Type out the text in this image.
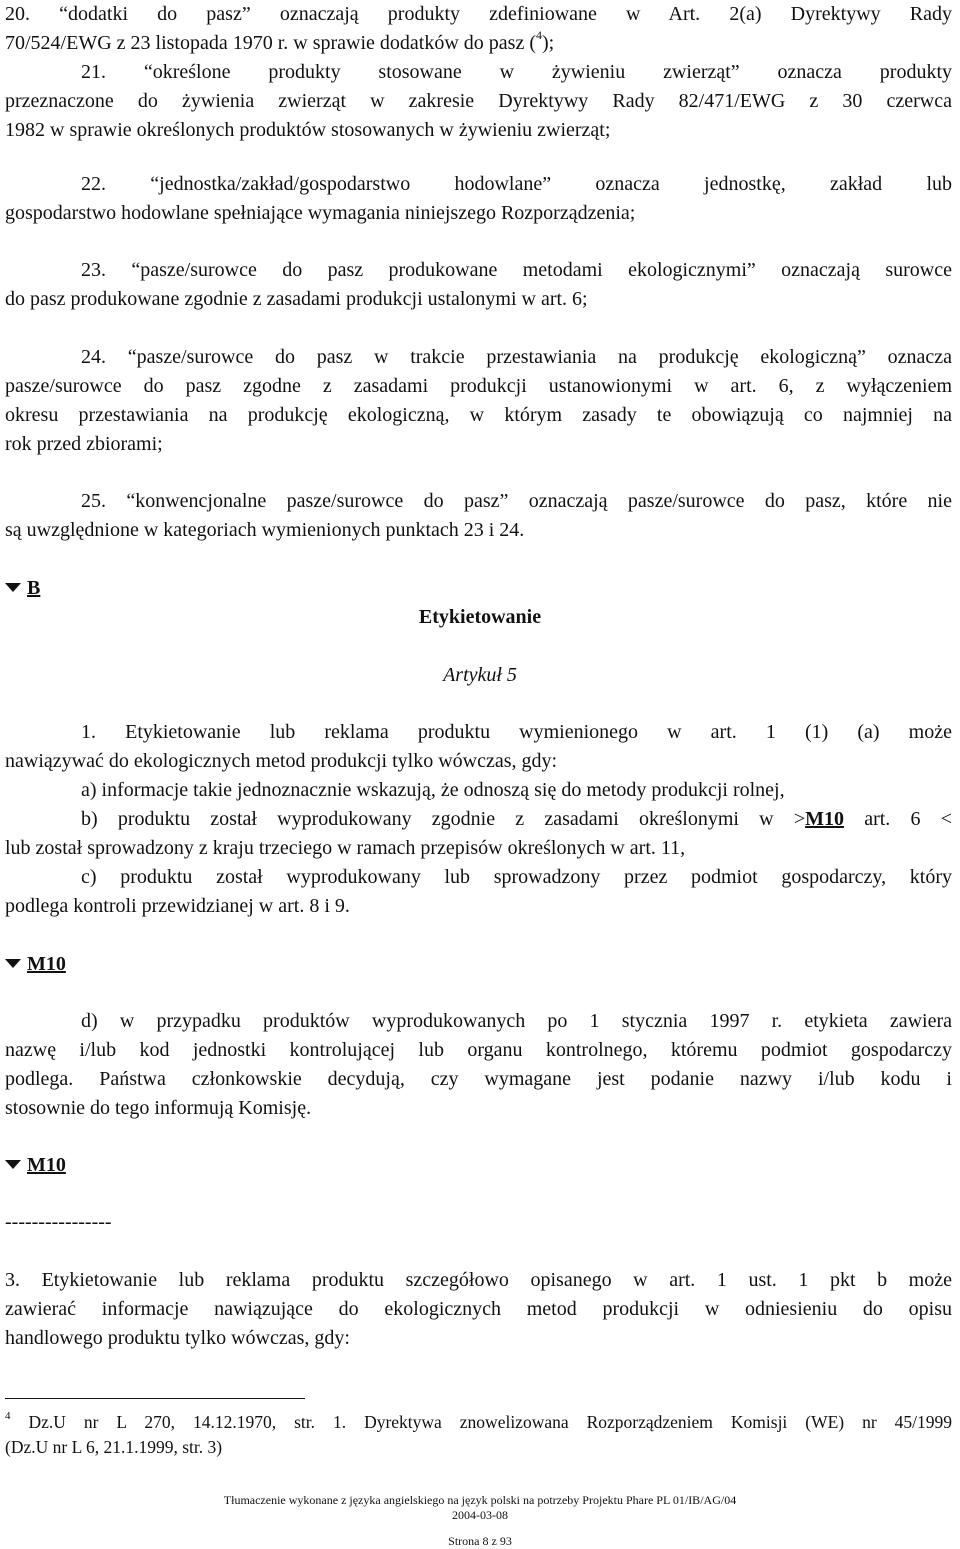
20. “dodatki do pasz” oznaczają produkty zdefiniowane w Art. 2(a) Dyrektywy Rady
70/524/EWG z 23 listopada 1970 r. w sprawie dodatków do pasz ($^4$);
21. “określone produkty stosowane w żywieniu zwierząt” oznacza produkty
przeznaczone do żywienia zwierząt w zakresie Dyrektywy Rady 82/471/EWG z 30 czerwca
1982 w sprawie określonych produktów stosowanych w żywieniu zwierząt;
22. “jednostka/zakład/gospodarstwo hodowlane” oznacza jednostkę, zakład lub
gospodarstwo hodowlane spełniające wymagania niniejszego Rozporządzenia;
23. “pasze/surowce do pasz produkowane metodami ekologicznymi” oznaczają surowce
do pasz produkowane zgodnie z zasadami produkcji ustalonymi w art. 6;
24. “pasze/surowce do pasz w trakcie przestawiania na produkcję ekologiczną” oznacza
pasze/surowce do pasz zgodne z zasadami produkcji ustanowionymi w art. 6, z wyłączeniem
okresu przestawiania na produkcję ekologiczną, w którym zasady te obowiązują co najmniej na
rok przed zbiorami;
25. “konwencjonalne pasze/surowce do pasz” oznaczają pasze/surowce do pasz, które nie
są uwzględnione w kategoriach wymienionych punktach 23 i 24.
B
Etykietowanie
Artykuł 5
1. Etykietowanie lub reklama produktu wymienionego w art. 1 (1) (a) może
nawiązywać do ekologicznych metod produkcji tylko wówczas, gdy:
a) informacje takie jednoznacznie wskazują, że odnoszą się do metody produkcji rolnej,
b) produktu został wyprodukowany zgodnie z zasadami określonymi w >M10 art. 6 <
lub został sprowadzony z kraju trzeciego w ramach przepisów określonych w art. 11,
c) produktu został wyprodukowany lub sprowadzony przez podmiot gospodarczy, który
podlega kontroli przewidzianej w art. 8 i 9.
M10
d) w przypadku produktów wyprodukowanych po 1 stycznia 1997 r. etykieta zawiera
nazwę i/lub kod jednostki kontrolującej lub organu kontrolnego, któremu podmiot gospodarczy
podlega. Państwa członkowskie decydują, czy wymagane jest podanie nazwy i/lub kodu i
stosownie do tego informują Komisję.
M10
----------------
3. Etykietowanie lub reklama produktu szczegółowo opisanego w art. 1 ust. 1 pkt b może
zawierać informacje nawiązujące do ekologicznych metod produkcji w odniesieniu do opisu
handlowego produktu tylko wówczas, gdy:
$^4$ Dz.U nr L 270, 14.12.1970, str. 1. Dyrektywa znowelizowana Rozporządzeniem Komisji (WE) nr 45/1999
(Dz.U nr L 6, 21.1.1999, str. 3)
Tłumaczenie wykonane z języka angielskiego na język polski na potrzeby Projektu Phare PL 01/IB/AG/04
2004-03-08
Strona 8 z 93
